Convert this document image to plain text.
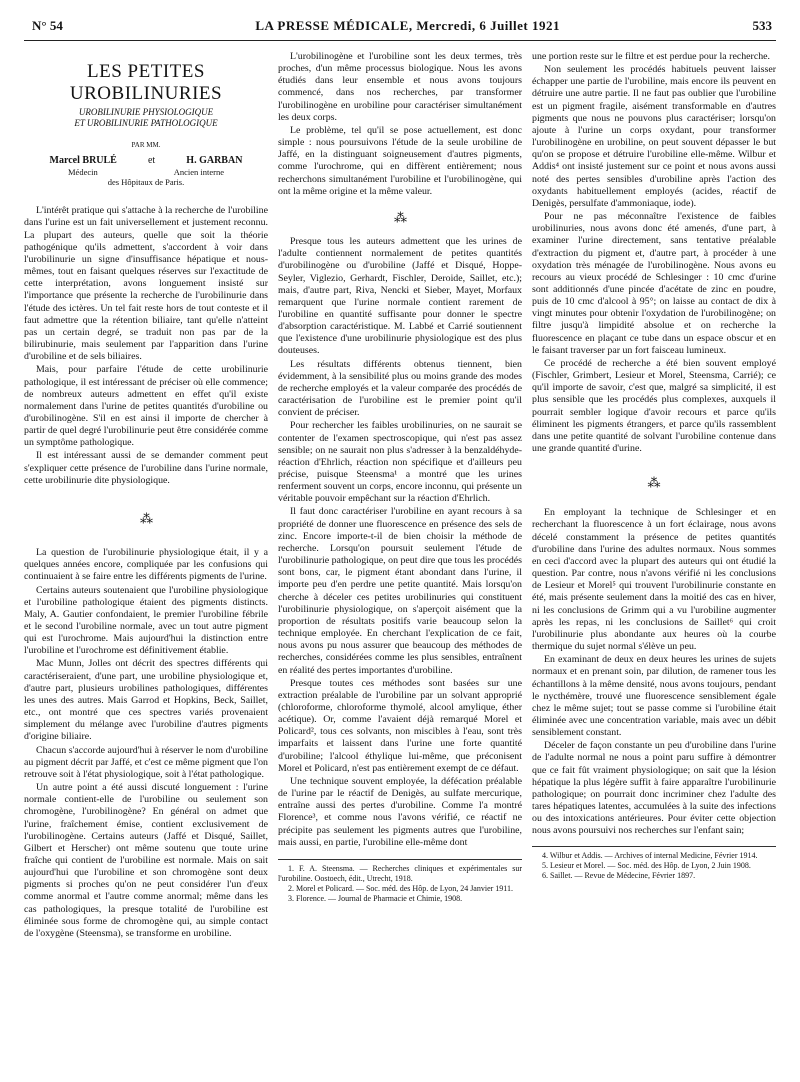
N° 54	LA PRESSE MÉDICALE, Mercredi, 6 Juillet 1921	533
LES PETITES UROBILINURIES
UROBILINURIE PHYSIOLOGIQUE
ET UROBILINURIE PATHOLOGIQUE
PAR MM.
Marcel BRULÉ	et	H. GARBAN
Médecin	Ancien interne
des Hôpitaux de Paris.

L'intérêt pratique qui s'attache à la recherche de l'urobiline dans l'urine est un fait universellement et justement reconnu. La plupart des auteurs, quelle que soit la théorie pathogénique qu'ils admettent, s'accordent à voir dans l'urobilinurie un signe d'insuffisance hépatique et nous-mêmes, tout en faisant quelques réserves sur l'exactitude de cette interprétation, avons longuement insisté sur l'importance que présente la recherche de l'urobilinurie dans l'étude des ictères. Un tel fait reste hors de tout conteste et il faut admettre que la rétention biliaire, tant qu'elle n'atteint pas un certain degré, se traduit non pas par de la bilirubinurie, mais seulement par l'apparition dans l'urine d'urobiline et de sels biliaires.

Mais, pour parfaire l'étude de cette urobilinurie pathologique, il est intéressant de préciser où elle commence; de nombreux auteurs admettent en effet qu'il existe normalement dans l'urine de petites quantités d'urobiline ou d'urobilinogène. S'il en est ainsi il importe de chercher à partir de quel degré l'urobilinurie peut être considérée comme un symptôme pathologique.

Il est intéressant aussi de se demander comment peut s'expliquer cette présence de l'urobiline dans l'urine normale, cette urobilinurie dite physiologique.

⁂

La question de l'urobilinurie physiologique était, il y a quelques années encore, compliquée par les confusions qui continuaient à se faire entre les différents pigments de l'urine.

Certains auteurs soutenaient que l'urobiline physiologique et l'urobiline pathologique étaient des pigments distincts. Maly, A. Gautier confondaient, le premier l'urobiline fébrile et le second l'urobiline normale, avec un tout autre pigment qui est l'urochrome. Mais aujourd'hui la distinction entre l'urobiline et l'urochrome est définitivement établie.

Mac Munn, Jolles ont décrit des spectres différents qui caractériseraient, d'une part, une urobiline physiologique et, d'autre part, plusieurs urobilines pathologiques, différentes les unes des autres. Mais Garrod et Hopkins, Beck, Saillet, etc., ont montré que ces spectres variés provenaient simplement du mélange avec l'urobiline d'autres pigments d'origine biliaire.

Chacun s'accorde aujourd'hui à réserver le nom d'urobiline au pigment décrit par Jaffé, et c'est ce même pigment que l'on retrouve soit à l'état physiologique, soit à l'état pathologique.

Un autre point a été aussi discuté longuement : l'urine normale contient-elle de l'urobiline ou seulement son chromogène, l'urobilinogène? En général on admet que l'urine, fraîchement émise, contient exclusivement de l'urobilinogène. Certains auteurs (Jaffé et Disqué, Saillet, Gilbert et Herscher) ont même soutenu que toute urine fraîche qui contient de l'urobiline est normale. Mais on sait aujourd'hui que l'urobiline et son chromogène sont deux pigments si proches qu'on ne peut considérer l'un d'eux comme anormal et l'autre comme anormal; même dans les cas pathologiques, la presque totalité de l'urobiline est éliminée sous forme de chromogène qui, au simple contact de l'oxygène (Steensma), se transforme en urobiline.

L'urobilinogène et l'urobiline sont les deux termes, très proches, d'un même processus biologique. Nous les avons étudiés dans leur ensemble et nous avons toujours commencé, dans nos recherches, par transformer l'urobilinogène en urobiline pour caractériser simultanément les deux corps.

Le problème, tel qu'il se pose actuellement, est donc simple : nous poursuivons l'étude de la seule urobiline de Jaffé, en la distinguant soigneusement d'autres pigments, comme l'urochrome, qui en diffèrent entièrement; nous recherchons simultanément l'urobiline et l'urobilinogène, qui ont la même origine et la même valeur.

⁂

Presque tous les auteurs admettent que les urines de l'adulte contiennent normalement de petites quantités d'urobilinogène ou d'urobiline (Jaffé et Disqué, Hoppe-Seyler, Viglezio, Gerhardt, Fischler, Deroide, Saillet, etc.); mais, d'autre part, Riva, Nencki et Sieber, Mayet, Morfaux remarquent que l'urine normale contient rarement de l'urobiline en quantité suffisante pour donner le spectre d'absorption caractéristique. M. Labbé et Carrié soutiennent que l'existence d'une urobilinurie physiologique est des plus douteuses.

Les résultats différents obtenus tiennent, bien évidemment, à la sensibilité plus ou moins grande des modes de recherche employés et la valeur comparée des procédés de caractérisation de l'urobiline est le premier point qu'il convient de préciser.

Pour rechercher les faibles urobilinuries, on ne saurait se contenter de l'examen spectroscopique, qui n'est pas assez sensible; on ne saurait non plus s'adresser à la benzaldéhyde-réaction d'Ehrlich, réaction non spécifique et d'ailleurs peu précise, puisque Steensma¹ a montré que les urines renferment souvent un corps, encore inconnu, qui présente un véritable pouvoir empêchant sur la réaction d'Ehrlich.

Il faut donc caractériser l'urobiline en ayant recours à sa propriété de donner une fluorescence en présence des sels de zinc. Encore importe-t-il de bien choisir la méthode de recherche. Lorsqu'on poursuit seulement l'étude de l'urobilinurie pathologique, on peut dire que tous les procédés sont bons, car, le pigment étant abondant dans l'urine, il importe peu d'en perdre une petite quantité. Mais lorsqu'on cherche à déceler ces petites urobilinuries qui constituent l'urobilinurie physiologique, on s'aperçoit aisément que la proportion de résultats positifs varie beaucoup selon la technique employée. En cherchant l'explication de ce fait, nous avons pu nous assurer que beaucoup des méthodes de recherches, considérées comme les plus sensibles, entraînent en réalité des pertes importantes d'urobiline.

Presque toutes ces méthodes sont basées sur une extraction préalable de l'urobiline par un solvant approprié (chloroforme, chloroforme thymolé, alcool amylique, éther acétique). Or, comme l'avaient déjà remarqué Morel et Policard², tous ces solvants, non miscibles à l'eau, sont très imparfaits et laissent dans l'urine une forte quantité d'urobiline; l'alcool éthylique lui-même, que préconisent Morel et Policard, n'est pas entièrement exempt de ce défaut.

Une technique souvent employée, la défécation préalable de l'urine par le réactif de Denigès, au sulfate mercurique, entraîne aussi des pertes d'urobiline. Comme l'a montré Florence³, et comme nous l'avons vérifié, ce réactif ne précipite pas seulement les pigments autres que l'urobiline, mais aussi, en partie, l'urobiline elle-même dont

1. F. A. Steensma. — Recherches cliniques et expérimentales sur l'urobiline. Oostoech, édit., Utrecht, 1918.
2. Morel et Policard. — Soc. méd. des Hôp. de Lyon, 24 Janvier 1911.
3. Florence. — Journal de Pharmacie et Chimie, 1908.

une portion reste sur le filtre et est perdue pour la recherche.

Non seulement les procédés habituels peuvent laisser échapper une partie de l'urobiline, mais encore ils peuvent en détruire une autre partie. Il ne faut pas oublier que l'urobiline est un pigment fragile, aisément transformable en d'autres pigments que nous ne pouvons plus caractériser; lorsqu'on ajoute à l'urine un corps oxydant, pour transformer l'urobilinogène en urobiline, on peut souvent dépasser le but qu'on se propose et détruire l'urobiline elle-même. Wilbur et Addis⁴ ont insisté justement sur ce point et nous avons aussi noté des pertes sensibles d'urobiline après l'action des oxydants habituellement employés (acides, réactif de Denigès, persulfate d'ammoniaque, iode).

Pour ne pas méconnaître l'existence de faibles urobilinuries, nous avons donc été amenés, d'une part, à examiner l'urine directement, sans tentative préalable d'extraction du pigment et, d'autre part, à procéder à une oxydation très ménagée de l'urobilinogène. Nous avons eu recours au vieux procédé de Schlesinger : 10 cmc d'urine sont additionnés d'une pincée d'acétate de zinc en poudre, puis de 10 cmc d'alcool à 95°; on laisse au contact de dix à vingt minutes pour obtenir l'oxydation de l'urobilinogène; on filtre jusqu'à limpidité absolue et on recherche la fluorescence en plaçant ce tube dans un espace obscur et en le faisant traverser par un fort faisceau lumineux.

Ce procédé de recherche a été bien souvent employé (Fischler, Grimbert, Lesieur et Morel, Steensma, Carrié); ce qu'il importe de savoir, c'est que, malgré sa simplicité, il est plus sensible que les procédés plus complexes, auxquels il pourrait sembler logique d'avoir recours et parce qu'ils éliminent les pigments étrangers, et parce qu'ils rassemblent dans une petite quantité de solvant l'urobiline contenue dans une grande quantité d'urine.

⁂

En employant la technique de Schlesinger et en recherchant la fluorescence à un fort éclairage, nous avons décelé constamment la présence de petites quantités d'urobiline dans l'urine des adultes normaux. Nous sommes en ceci d'accord avec la plupart des auteurs qui ont étudié la question. Par contre, nous n'avons vérifié ni les conclusions de Lesieur et Morel⁵ qui trouvent l'urobilinurie constante en été, mais présente seulement dans la moitié des cas en hiver, ni les conclusions de Grimm qui a vu l'urobiline augmenter après les repas, ni les conclusions de Saillet⁶ qui croit l'urobilinurie plus abondante aux heures où la courbe thermique du sujet normal s'élève un peu.

En examinant de deux en deux heures les urines de sujets normaux et en prenant soin, par dilution, de ramener tous les échantillons à la même densité, nous avons toujours, pendant le nycthémère, trouvé une fluorescence sensiblement égale chez le même sujet; tout se passe comme si l'urobiline était éliminée avec une concentration variable, mais avec un débit sensiblement constant.

Déceler de façon constante un peu d'urobiline dans l'urine de l'adulte normal ne nous a point paru suffire à démontrer que ce fait fût vraiment physiologique; on sait que la lésion hépatique la plus légère suffit à faire apparaître l'urobilinurie pathologique; on pourrait donc incriminer chez l'adulte des tares hépatiques latentes, accumulées à la suite des infections ou des intoxications antérieures. Pour éviter cette objection nous avons poursuivi nos recherches sur l'enfant sain;

4. Wilbur et Addis. — Archives of internal Medicine, Février 1914.
5. Lesieur et Morel. — Soc. méd. des Hôp. de Lyon, 2 Juin 1908.
6. Saillet. — Revue de Médecine, Février 1897.
